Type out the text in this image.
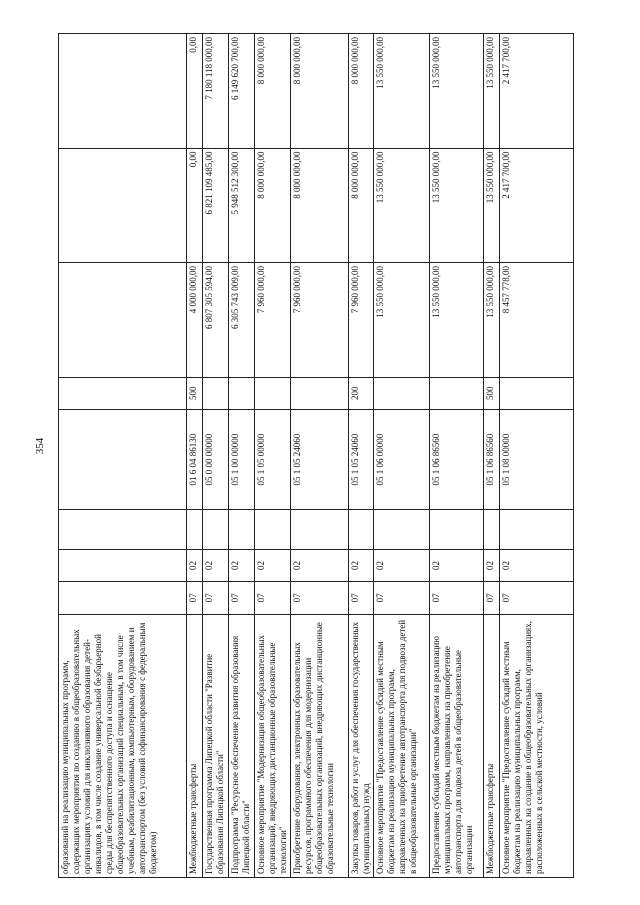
354
образований на реализацию муниципальных программ, содержащих мероприятия по созданию в общеобразовательных организациях условий для инклюзивного образования детей-инвалидов, в том числе создание универсальной безбарьерной среды для беспрепятственного доступа и оснащение общеобразовательных организаций специальным, в том числе учебным, реабилитационным, компьютерным, оборудованием и автотранспортом (без условий софинансирования с федеральным бюджетом)								
Межбюджетные трансферты	07	02		01 6 04 86130	500	4 000 000,00	0,00	0,00
Государственная программа Липецкой области "Развитие образования Липецкой области"	07	02		05 0 00 00000		6 807 305 594,00	6 821 109 485,00	7 180 118 000,00
Подпрограмма "Ресурсное обеспечение развития образования Липецкой области"	07	02		05 1 00 00000		6 305 743 009,00	5 948 512 300,00	6 149 620 700,00
Основное мероприятие "Модернизация общеобразовательных организаций, внедряющих дистанционные образовательные технологии"	07	02		05 1 05 00000		7 960 000,00	8 000 000,00	8 000 000,00
Приобретение оборудования, электронных образовательных ресурсов, программного обеспечения для модернизации общеобразовательных организаций, внедряющих дистанционные образовательные технологии	07	02		05 1 05 24060		7 960 000,00	8 000 000,00	8 000 000,00
Закупка товаров, работ и услуг для обеспечения государственных (муниципальных) нужд	07	02		05 1 05 24060	200	7 960 000,00	8 000 000,00	8 000 000,00
Основное мероприятие "Предоставление субсидий местным бюджетам на реализацию муниципальных программ, направленных на приобретение автотранспорта для подвоза детей в общеобразовательные организации"	07	02		05 1 06 00000		13 550 000,00	13 550 000,00	13 550 000,00
Предоставление субсидий местным бюджетам на реализацию муниципальных программ, направленных на приобретение автотранспорта для подвоза детей в общеобразовательные организации	07	02		05 1 06 86560		13 550 000,00	13 550 000,00	13 550 000,00
Межбюджетные трансферты	07	02		05 1 06 86560	500	13 550 000,00	13 550 000,00	13 550 000,00
Основное мероприятие "Предоставление субсидий местным бюджетам на реализацию муниципальных программ, направленных на создание в общеобразовательных организациях, расположенных в сельской местности, условий	07	02		05 1 08 00000		8 457 778,00	2 417 700,00	2 417 700,00
